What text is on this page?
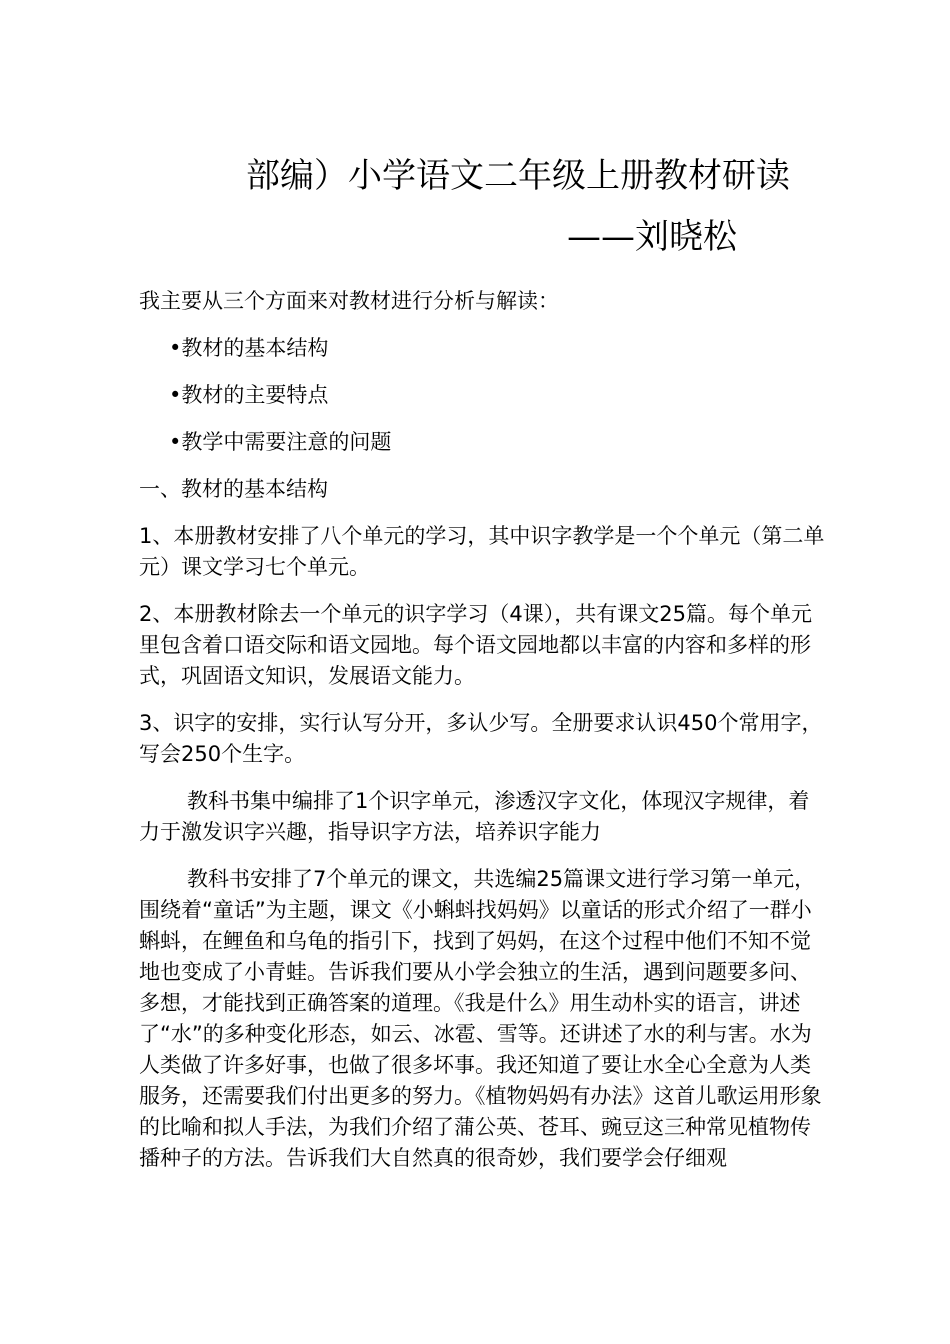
部编）小学语文二年级上册教材研读
——刘晓松

我主要从三个方面来对教材进行分析与解读：

•教材的基本结构

•教材的主要特点

•教学中需要注意的问题

一、教材的基本结构

1、本册教材安排了八个单元的学习，其中识字教学是一个个单元（第二单元）课文学习七个单元。

2、本册教材除去一个单元的识字学习（4课），共有课文25篇。每个单元里包含着口语交际和语文园地。每个语文园地都以丰富的内容和多样的形式，巩固语文知识，发展语文能力。

3、识字的安排，实行认写分开，多认少写。全册要求认识450个常用字，写会250个生字。

教科书集中编排了1个识字单元，渗透汉字文化，体现汉字规律，着力于激发识字兴趣，指导识字方法，培养识字能力

教科书安排了7个单元的课文，共选编25篇课文进行学习第一单元，围绕着“童话”为主题，课文《小蝌蚪找妈妈》以童话的形式介绍了一群小蝌蚪，在鲤鱼和乌龟的指引下，找到了妈妈，在这个过程中他们不知不觉地也变成了小青蛙。告诉我们要从小学会独立的生活，遇到问题要多问、多想，才能找到正确答案的道理。《我是什么》用生动朴实的语言，讲述了“水”的多种变化形态，如云、冰雹、雪等。还讲述了水的利与害。水为人类做了许多好事，也做了很多坏事。我还知道了要让水全心全意为人类服务，还需要我们付出更多的努力。《植物妈妈有办法》这首儿歌运用形象的比喻和拟人手法，为我们介绍了蒲公英、苍耳、豌豆这三种常见植物传播种子的方法。告诉我们大自然真的很奇妙，我们要学会仔细观
